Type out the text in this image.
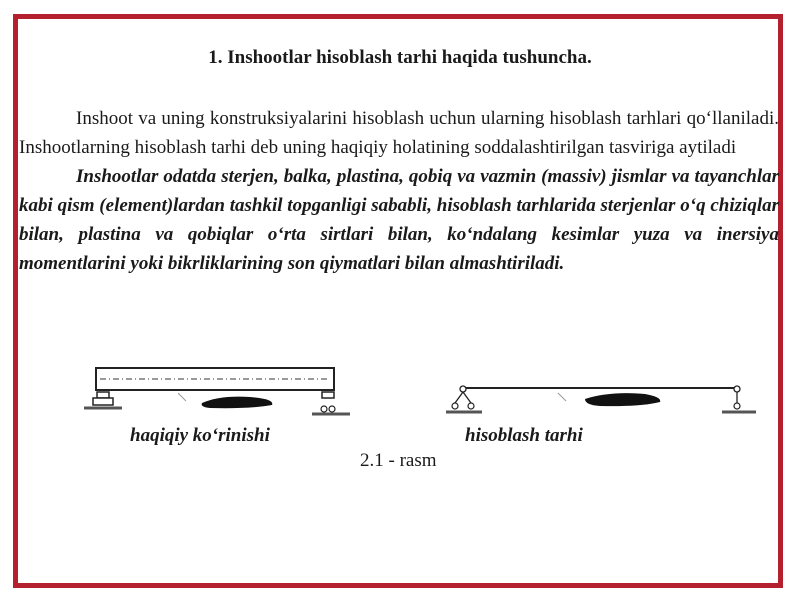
1. Inshootlar hisoblash tarhi haqida tushuncha.

Inshoot va uning konstruksiyalarini hisoblash uchun ularning hisoblash tarhlari qo‘llaniladi. Inshootlarning hisoblash tarhi deb uning haqiqiy holatining soddalashtirilgan tasviriga aytiladi

Inshootlar odatda sterjen, balka, plastina, qobiq va vazmin (massiv) jismlar va tayanchlar kabi qism (element)lardan tashkil topganligi sababli, hisoblash tarhlarida sterjenlar o‘q chiziqlar bilan, plastina va qobiqlar o‘rta sirtlari bilan, ko‘ndalang kesimlar yuza va inersiya momentlarini yoki bikrliklarining son qiymatlari bilan almashtiriladi.

haqiqiy ko‘rinishi	hisoblash tarhi
2.1 - rasm
